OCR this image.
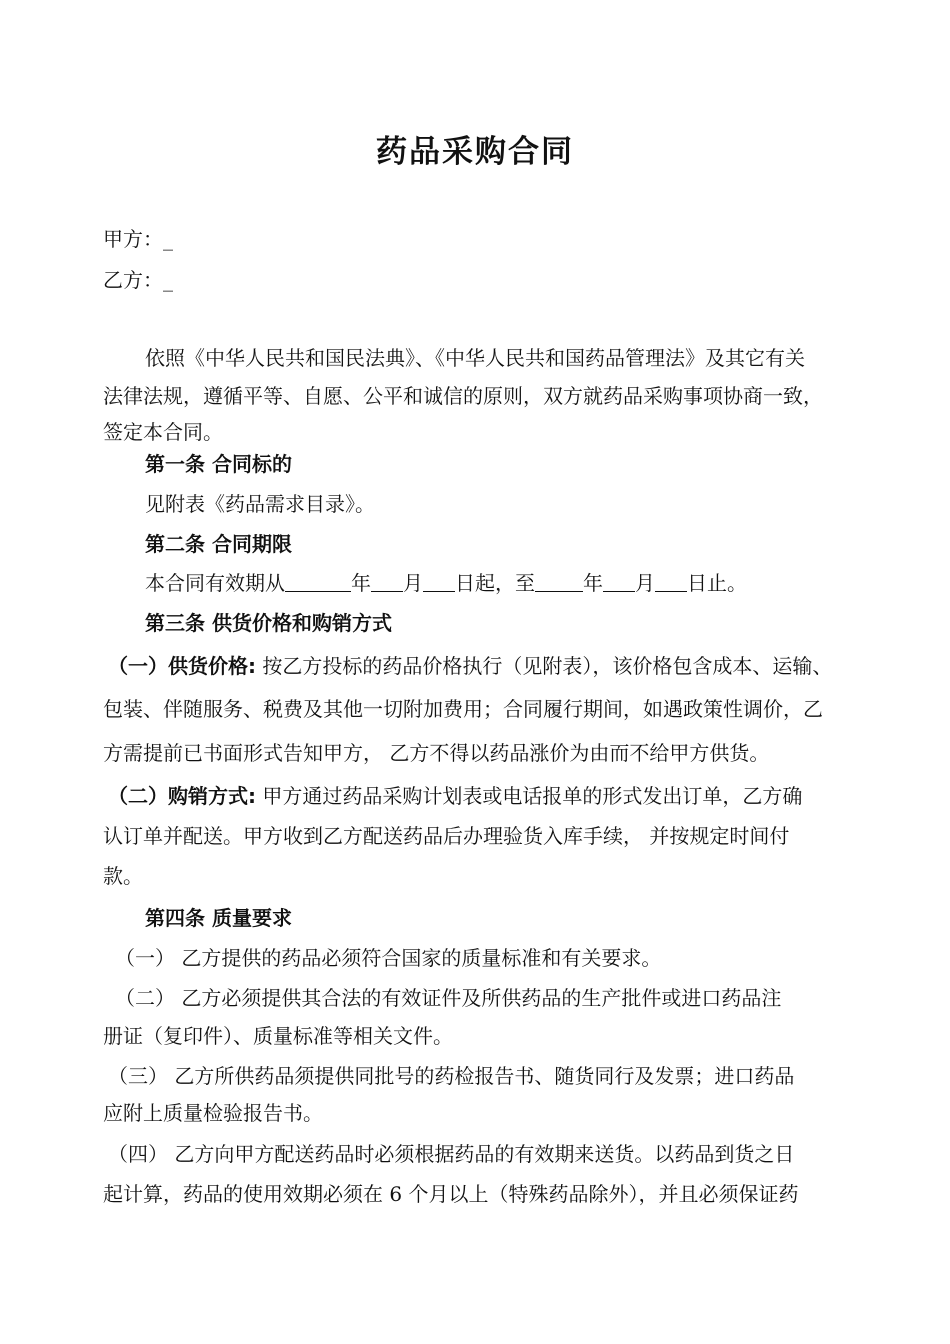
药品采购合同
甲方：_
乙方：_
依照《中华人民共和国民法典》、《中华人民共和国药品管理法》及其它有关
法律法规，遵循平等、自愿、公平和诚信的原则，双方就药品采购事项协商一致，
签定本合同。
第一条 合同标的
见附表《药品需求目录》。
第二条 合同期限
本合同有效期从	年 月 日起，至 年 月 日止。
第三条 供货价格和购销方式
（一）供货价格: 按乙方投标的药品价格执行（见附表），该价格包含成本、运输、
包装、伴随服务、税费及其他一切附加费用；合同履行期间，如遇政策性调价，乙
方需提前已书面形式告知甲方， 乙方不得以药品涨价为由而不给甲方供货。
（二）购销方式: 甲方通过药品采购计划表或电话报单的形式发出订单，乙方确
认订单并配送。甲方收到乙方配送药品后办理验货入库手续， 并按规定时间付
款。
第四条 质量要求
（一） 乙方提供的药品必须符合国家的质量标准和有关要求。
（二） 乙方必须提供其合法的有效证件及所供药品的生产批件或进口药品注
册证（复印件）、质量标准等相关文件。
（三） 乙方所供药品须提供同批号的药检报告书、随货同行及发票；进口药品
应附上质量检验报告书。
（四） 乙方向甲方配送药品时必须根据药品的有效期来送货。以药品到货之日
起计算，药品的使用效期必须在 6 个月以上（特殊药品除外），并且必须保证药
